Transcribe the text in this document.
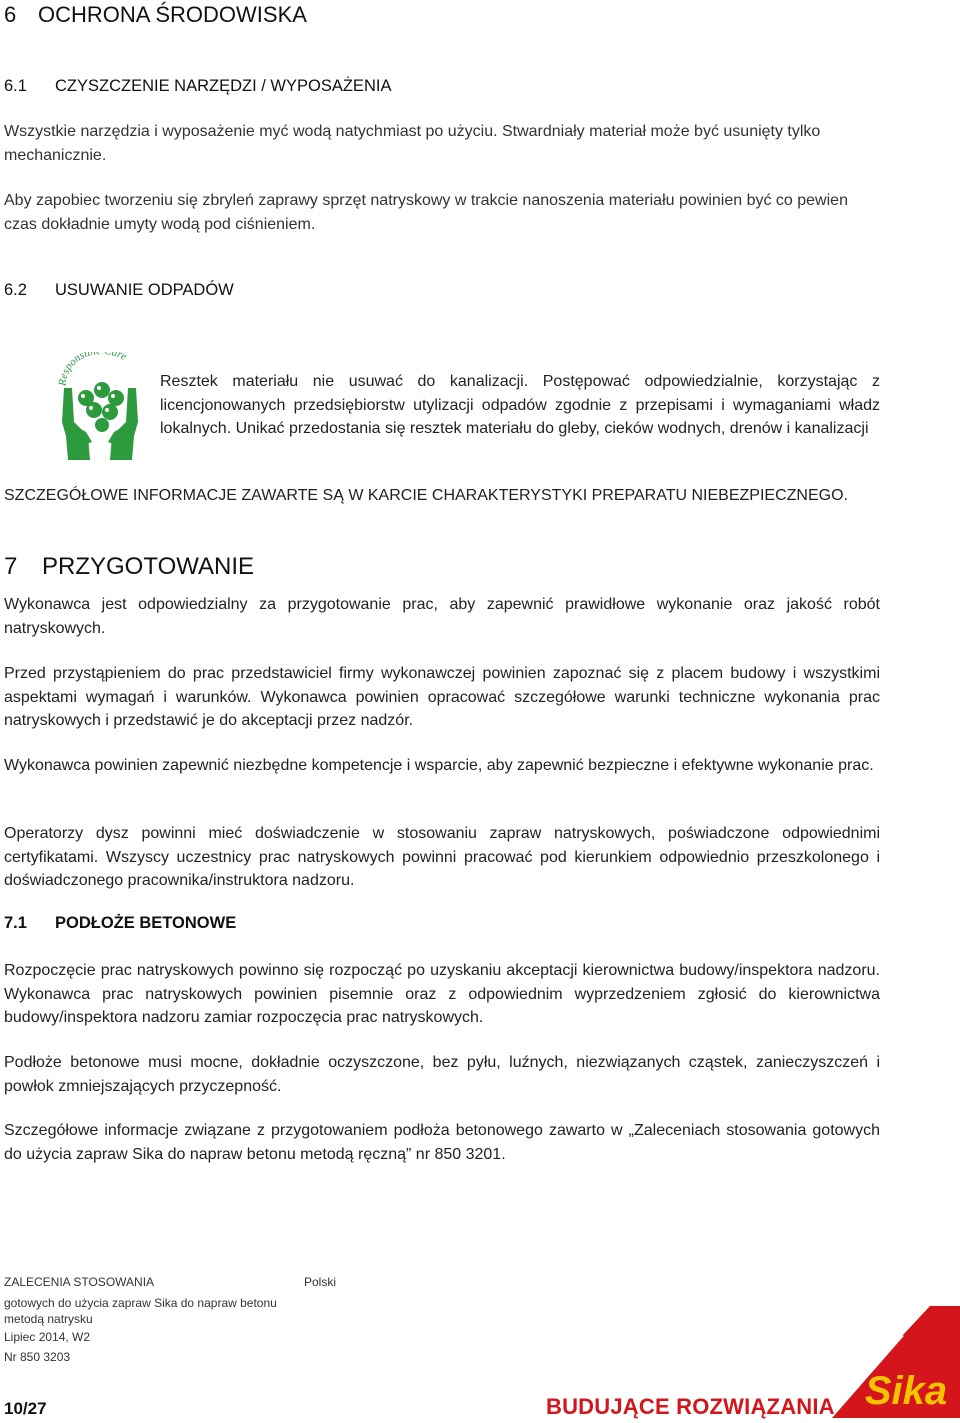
6 OCHRONA ŚRODOWISKA
6.1 CZYSZCZENIE NARZĘDZI / WYPOSAŻENIA

Wszystkie narzędzia i wyposażenie myć wodą natychmiast po użyciu. Stwardniały materiał może być usunięty tylko mechanicznie.

Aby zapobiec tworzeniu się zbryleń zaprawy sprzęt natryskowy w trakcie nanoszenia materiału powinien być co pewien czas dokładnie umyty wodą pod ciśnieniem.

6.2 USUWANIE ODPADÓW
Responsib are

Resztek materiału nie usuwać do kanalizacji. Postępować odpowiedzialnie, korzystając z licencjonowanych przedsiębiorstw utylizacji odpadów zgodnie z przepisami i wymaganiami władz lokalnych. Unikać przedostania się resztek materiału do gleby, cieków wodnych, drenów i kanalizacji

SZCZEGÓŁOWE INFORMACJE ZAWARTE SĄ W KARCIE CHARAKTERYSTYKI PREPARATU NIEBEZPIECZNEGO.

7 PRZYGOTOWANIE

Wykonawca jest odpowiedzialny za przygotowanie prac, aby zapewnić prawidłowe wykonanie oraz jakość robót natryskowych.

Przed przystąpieniem do prac przedstawiciel firmy wykonawczej powinien zapoznać się z placem budowy i wszystkimi aspektami wymagań i warunków. Wykonawca powinien opracować szczegółowe warunki techniczne wykonania prac natryskowych i przedstawić je do akceptacji przez nadzór.

Wykonawca powinien zapewnić niezbędne kompetencje i wsparcie, aby zapewnić bezpieczne i efektywne wykonanie prac.

Operatorzy dysz powinni mieć doświadczenie w stosowaniu zapraw natryskowych, poświadczone odpowiednimi certyfikatami. Wszyscy uczestnicy prac natryskowych powinni pracować pod kierunkiem odpowiednio przeszkolonego i doświadczonego pracownika/instruktora nadzoru.

7.1 PODŁOŻE BETONOWE

Rozpoczęcie prac natryskowych powinno się rozpocząć po uzyskaniu akceptacji kierownictwa budowy/inspektora nadzoru. Wykonawca prac natryskowych powinien pisemnie oraz z odpowiednim wyprzedzeniem zgłosić do kierownictwa budowy/inspektora nadzoru zamiar rozpoczęcia prac natryskowych.

Podłoże betonowe musi mocne, dokładnie oczyszczone, bez pyłu, luźnych, niezwiązanych cząstek, zanieczyszczeń i powłok zmniejszających przyczepność.

Szczegółowe informacje związane z przygotowaniem podłoża betonowego zawarto w „Zaleceniach stosowania gotowych do użycia zapraw Sika do napraw betonu metodą ręczną” nr 850 3201.

ZALECENIA STOSOWANIA
gotowych do użycia zapraw Sika do napraw betonu metodą natrysku
Lipiec 2014, W2
Nr 850 3203
Polski
10/27	BUDUJĄCE ROZWIĄZANIA Sika
